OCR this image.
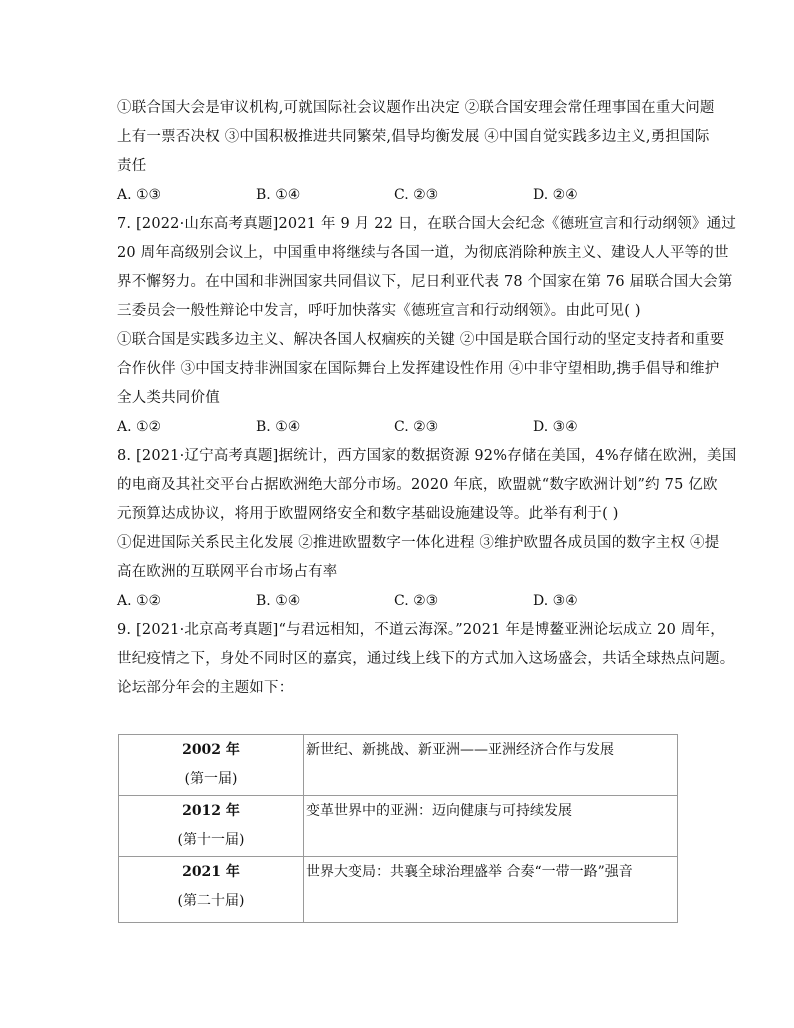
①联合国大会是审议机构,可就国际社会议题作出决定 ②联合国安理会常任理事国在重大问题
上有一票否决权 ③中国积极推进共同繁荣,倡导均衡发展 ④中国自觉实践多边主义,勇担国际
责任
A. ①③	B. ①④	C. ②③	D. ②④
7. [2022·山东高考真题]2021 年 9 月 22 日，在联合国大会纪念《德班宣言和行动纲领》通过
20 周年高级别会议上，中国重申将继续与各国一道，为彻底消除种族主义、建设人人平等的世
界不懈努力。在中国和非洲国家共同倡议下，尼日利亚代表 78 个国家在第 76 届联合国大会第
三委员会一般性辩论中发言，呼吁加快落实《德班宣言和行动纲领》。由此可见( )
①联合国是实践多边主义、解决各国人权痼疾的关键 ②中国是联合国行动的坚定支持者和重要
合作伙伴 ③中国支持非洲国家在国际舞台上发挥建设性作用 ④中非守望相助,携手倡导和维护
全人类共同价值
A. ①②	B. ①④	C. ②③	D. ③④
8. [2021·辽宁高考真题]据统计，西方国家的数据资源 92%存储在美国，4%存储在欧洲，美国
的电商及其社交平台占据欧洲绝大部分市场。2020 年底，欧盟就“数字欧洲计划”约 75 亿欧
元预算达成协议，将用于欧盟网络安全和数字基础设施建设等。此举有利于( )
①促进国际关系民主化发展 ②推进欧盟数字一体化进程 ③维护欧盟各成员国的数字主权 ④提
高在欧洲的互联网平台市场占有率
A. ①②	B. ①④	C. ②③	D. ③④
9. [2021·北京高考真题]“与君远相知，不道云海深。”2021 年是博鳌亚洲论坛成立 20 周年，
世纪疫情之下，身处不同时区的嘉宾，通过线上线下的方式加入这场盛会，共话全球热点问题。
论坛部分年会的主题如下：
2002 年
(第一届)	新世纪、新挑战、新亚洲——亚洲经济合作与发展

2012 年
(第十一届)	变革世界中的亚洲：迈向健康与可持续发展

2021 年
(第二十届)	世界大变局：共襄全球治理盛举 合奏“一带一路”强音
